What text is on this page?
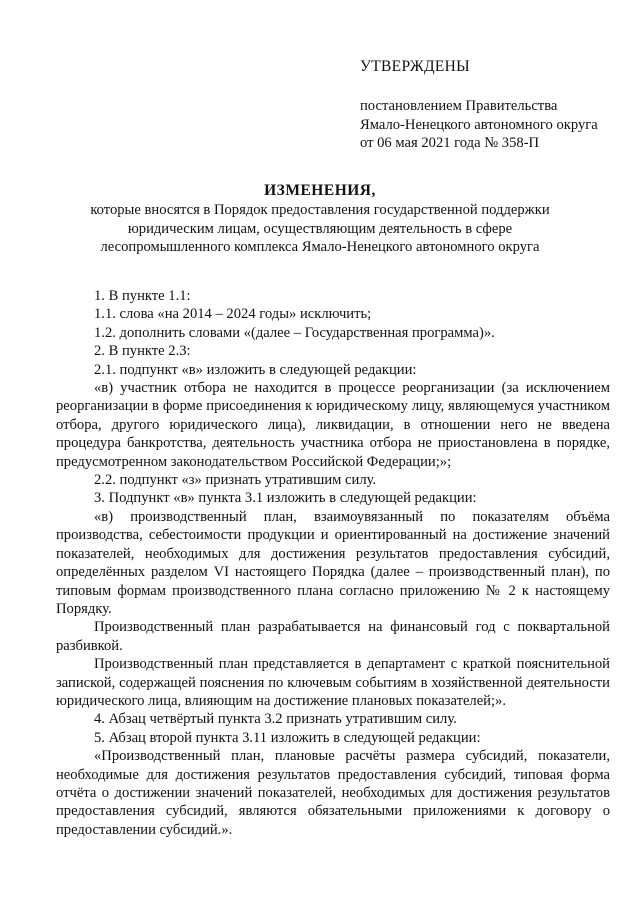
УТВЕРЖДЕНЫ
постановлением Правительства
Ямало-Ненецкого автономного округа
от 06 мая 2021 года № 358-П
ИЗМЕНЕНИЯ,
которые вносятся в Порядок предоставления государственной поддержки
юридическим лицам, осуществляющим деятельность в сфере
лесопромышленного комплекса Ямало-Ненецкого автономного округа

1. В пункте 1.1:

1.1. слова «на 2014 – 2024 годы» исключить;

1.2. дополнить словами «(далее – Государственная программа)».

2. В пункте 2.3:

2.1. подпункт «в» изложить в следующей редакции:

«в) участник отбора не находится в процессе реорганизации (за исключением реорганизации в форме присоединения к юридическому лицу, являющемуся участником отбора, другого юридического лица), ликвидации, в отношении него не введена процедура банкротства, деятельность участника отбора не приостановлена в порядке, предусмотренном законодательством Российской Федерации;»;

2.2. подпункт «з» признать утратившим силу.

3. Подпункт «в» пункта 3.1 изложить в следующей редакции:

«в) производственный план, взаимоувязанный по показателям объёма производства, себестоимости продукции и ориентированный на достижение значений показателей, необходимых для достижения результатов предоставления субсидий, определённых разделом VI настоящего Порядка (далее – производственный план), по типовым формам производственного плана согласно приложению № 2 к настоящему Порядку.

Производственный план разрабатывается на финансовый год с поквартальной разбивкой.

Производственный план представляется в департамент с краткой пояснительной запиской, содержащей пояснения по ключевым событиям в хозяйственной деятельности юридического лица, влияющим на достижение плановых показателей;».

4. Абзац четвёртый пункта 3.2 признать утратившим силу.

5. Абзац второй пункта 3.11 изложить в следующей редакции:

«Производственный план, плановые расчёты размера субсидий, показатели, необходимые для достижения результатов предоставления субсидий, типовая форма отчёта о достижении значений показателей, необходимых для достижения результатов предоставления субсидий, являются обязательными приложениями к договору о предоставлении субсидий.».
